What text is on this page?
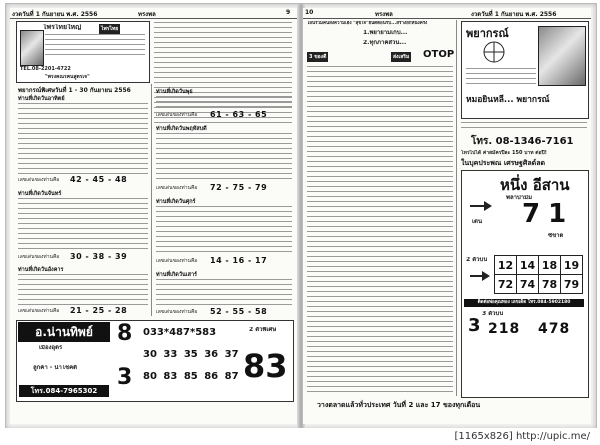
งวดวันที่ 1 กันยายน พ.ศ. 2556	ทรงพล	9
ไพรไทยใหญ่	ไพรไทย
TEL.08-2201-4722
"พรงคณรคนสูตรเจ"
พยากรณ์พิเศษวันที่ 1 - 30 กันยายน 2556
ท่านที่เกิดวันอาทิตย์
เลขเด่นของท่านคือ 42 - 45 - 48
ท่านที่เกิดวันจันทร์
เลขเด่นของท่านคือ 30 - 38 - 39
ท่านที่เกิดวันอังคาร
เลขเด่นของท่านคือ 21 - 25 - 28
ท่านที่เกิดวันพุธ
เลขเด่นของท่านคือ 61 - 63 - 65
ท่านที่เกิดวันพฤหัสบดี
เลขเด่นของท่านคือ 72 - 75 - 79
ท่านที่เกิดวันศุกร์
เลขเด่นของท่านคือ 14 - 16 - 17
ท่านที่เกิดวันเสาร์
เลขเด่นของท่านคือ 52 - 55 - 58
อ.น่านทิพย์
เมืองอุดร
ลูกค้า - น่าโชคดี
โทร.084-7965302
8
3
033*487*583
30 33 35 36 37
80 83 85 86 87
2 ตัวพิเศษ
83
10	ทรงพล	งวดวันที่ 1 กันยายน พ.ศ. 2556
ไลน์รวมคนส่งความเฮง "สุขใจ"ยินดีตอนรับ...สร้างอีกหนึ่งครั้ง
1.พยายามเก็บ...
2.ทุกภาคส่วน...
3 ของดี	ส่งเสริม OTOP
พยากรณ์
หมอยินหลี... พยากรณ์
โทร. 08-1346-7161
โทรไปได้ ค่าสมัครปีละ 150 บาท ต่อปี!
ในบุคประพณ เศรษฐศิลด์ลด
หนึ่ง อีสาน
พลาบ่ามีม
เด่น 71
ซีขาด
2 ตัวบน 12	14	18	19
72	74	78	79
ติดต่อพ่อคุณทอง เลขเด็ด โทร.084-5902180
3 ตัวบน
3 218 478
วางตลาดแล้วทั่วประเทศ วันที่ 2 และ 17 ของทุกเดือน
[1165x826] http://upic.me/
